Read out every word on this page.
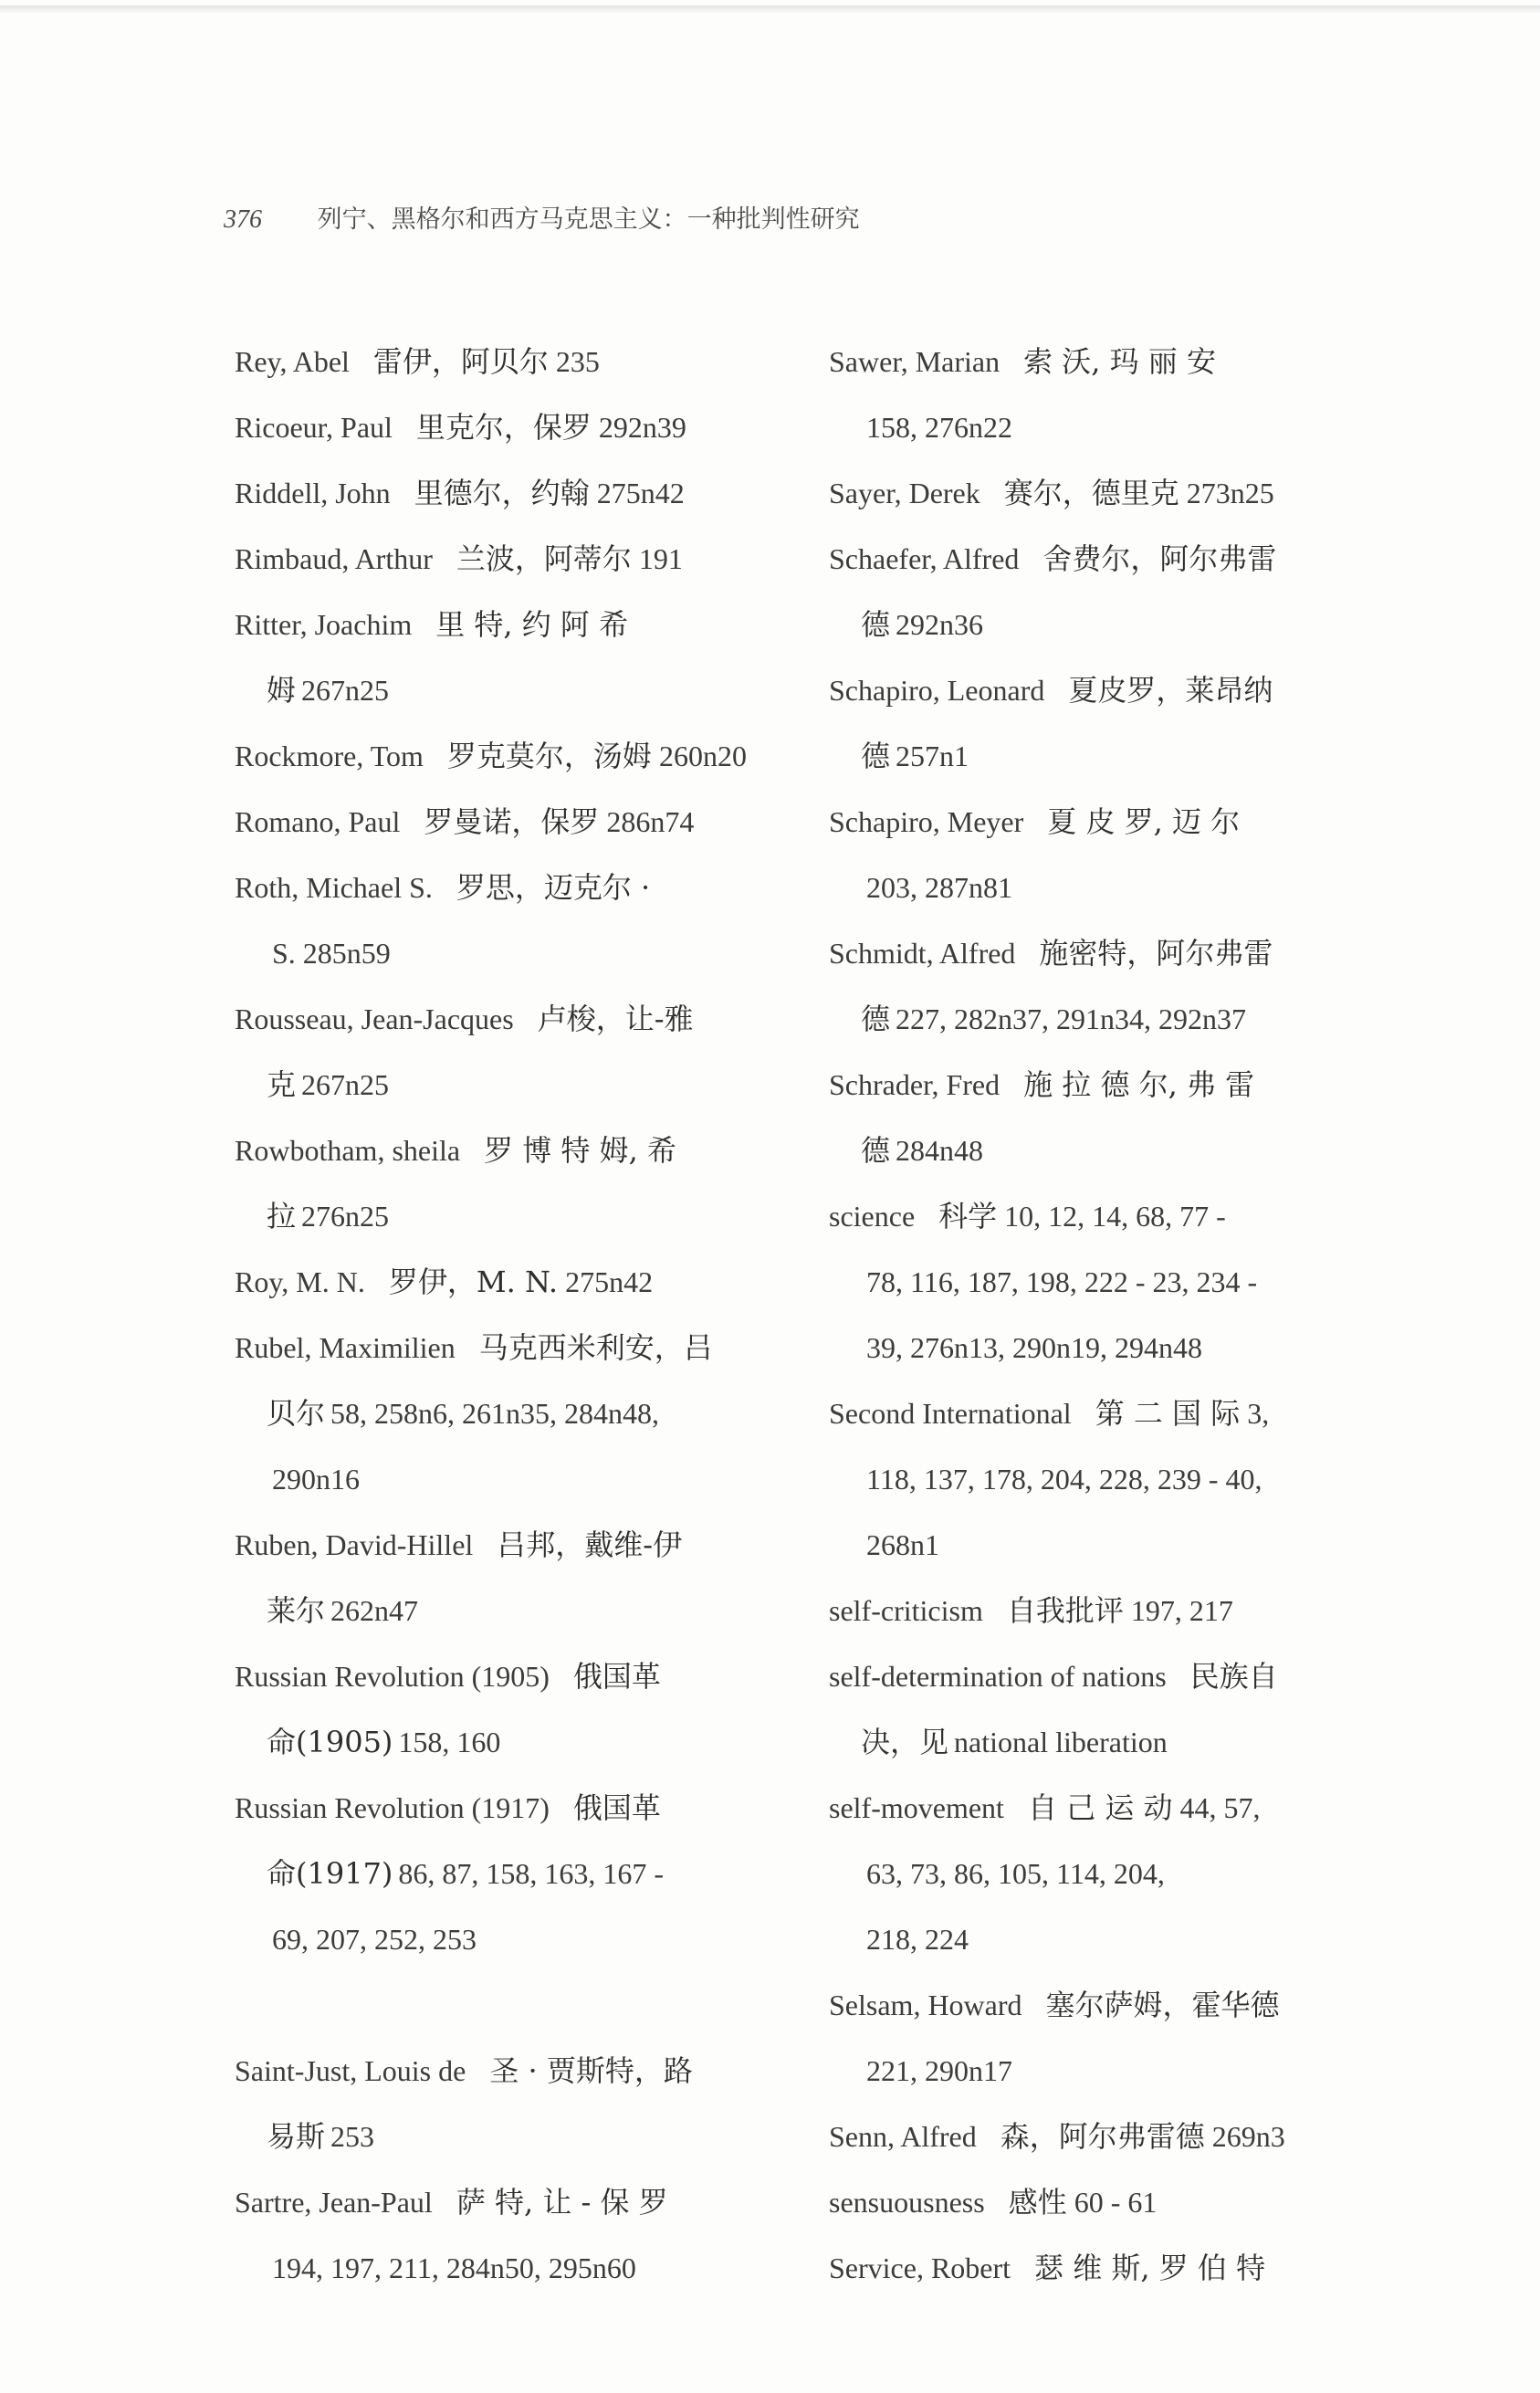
376 列宁、黑格尔和西方马克思主义：一种批判性研究
Rey, Abel 雷伊，阿贝尔 235
Ricoeur, Paul 里克尔，保罗 292n39
Riddell, John 里德尔，约翰 275n42
Rimbaud, Arthur 兰波，阿蒂尔 191
Ritter, Joachim 里 特, 约 阿 希
姆 267n25
Rockmore, Tom 罗克莫尔，汤姆 260n20
Romano, Paul 罗曼诺，保罗 286n74
Roth, Michael S. 罗思，迈克尔 ·
S. 285n59
Rousseau, Jean-Jacques 卢梭，让-雅
克 267n25
Rowbotham, sheila 罗 博 特 姆, 希
拉 276n25
Roy, M. N. 罗伊，M. N. 275n42
Rubel, Maximilien 马克西米利安，吕
贝尔 58, 258n6, 261n35, 284n48,
290n16
Ruben, David-Hillel 吕邦，戴维-伊
莱尔 262n47
Russian Revolution (1905) 俄国革
命(1905) 158, 160
Russian Revolution (1917) 俄国革
命(1917) 86, 87, 158, 163, 167 -
69, 207, 252, 253
Saint-Just, Louis de 圣 · 贾斯特，路
易斯 253
Sartre, Jean-Paul 萨 特, 让 - 保 罗
194, 197, 211, 284n50, 295n60
Sawer, Marian 索 沃, 玛 丽 安
158, 276n22
Sayer, Derek 赛尔，德里克 273n25
Schaefer, Alfred 舍费尔，阿尔弗雷
德 292n36
Schapiro, Leonard 夏皮罗，莱昂纳
德 257n1
Schapiro, Meyer 夏 皮 罗, 迈 尔
203, 287n81
Schmidt, Alfred 施密特，阿尔弗雷
德 227, 282n37, 291n34, 292n37
Schrader, Fred 施 拉 德 尔, 弗 雷
德 284n48
science 科学 10, 12, 14, 68, 77 -
78, 116, 187, 198, 222 - 23, 234 -
39, 276n13, 290n19, 294n48
Second International 第 二 国 际 3,
118, 137, 178, 204, 228, 239 - 40,
268n1
self-criticism 自我批评 197, 217
self-determination of nations 民族自
决，见 national liberation
self-movement 自 己 运 动 44, 57,
63, 73, 86, 105, 114, 204,
218, 224
Selsam, Howard 塞尔萨姆，霍华德
221, 290n17
Senn, Alfred 森，阿尔弗雷德 269n3
sensuousness 感性 60 - 61
Service, Robert 瑟 维 斯, 罗 伯 特
